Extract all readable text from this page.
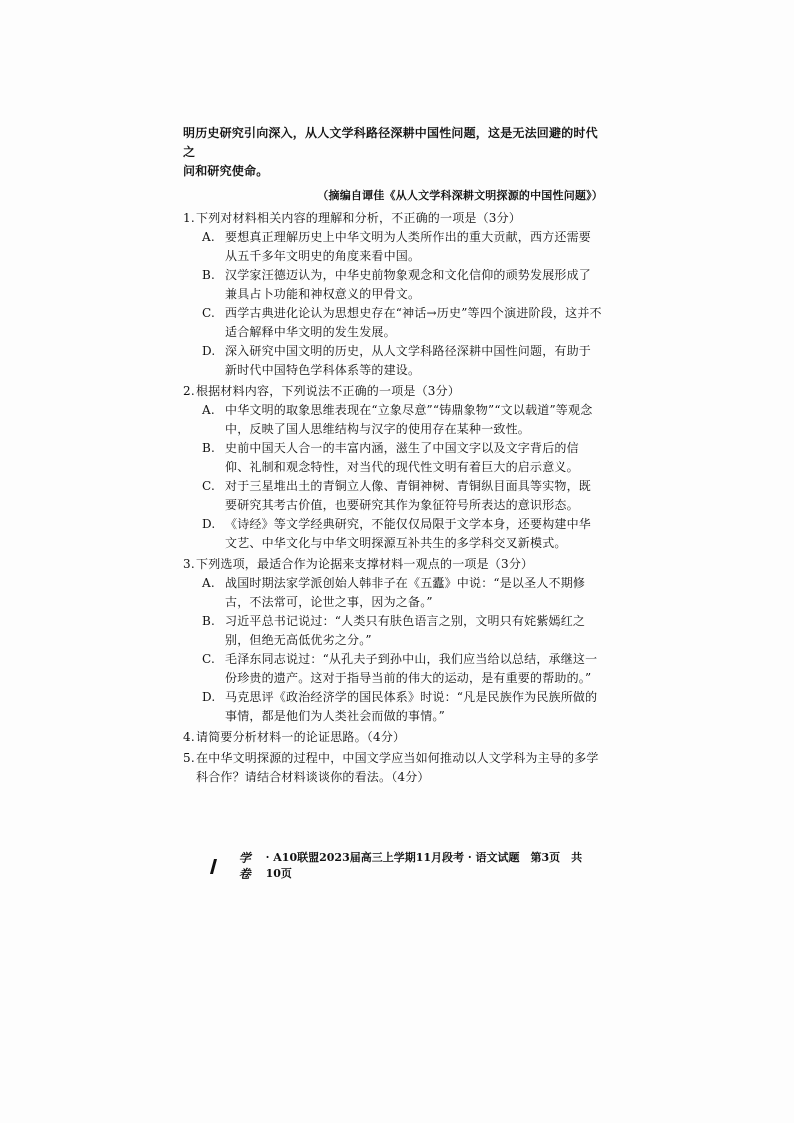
明历史研究引向深入，从人文学科路径深耕中国性问题，这是无法回避的时代之
问和研究使命。
（摘编自谭佳《从人文学科深耕文明探源的中国性问题》）
1. 下列对材料相关内容的理解和分析，不正确的一项是（3分）
A. 要想真正理解历史上中华文明为人类所作出的重大贡献，西方还需要从五千多年文明史的角度来看中国。
B. 汉学家汪德迈认为，中华史前物象观念和文化信仰的顽势发展形成了兼具占卜功能和神权意义的甲骨文。
C. 西学古典进化论认为思想史存在“神话→历史”等四个演进阶段，这并不适合解释中华文明的发生发展。
D. 深入研究中国文明的历史，从人文学科路径深耕中国性问题，有助于新时代中国特色学科体系等的建设。
2. 根据材料内容，下列说法不正确的一项是（3分）
A. 中华文明的取象思维表现在“立象尽意”“铸鼎象物”“文以载道”等观念中，反映了国人思维结构与汉字的使用存在某种一致性。
B. 史前中国天人合一的丰富内涵，滋生了中国文字以及文字背后的信仰、礼制和观念特性，对当代的现代性文明有着巨大的启示意义。
C. 对于三星堆出土的青铜立人像、青铜神树、青铜纵目面具等实物，既要研究其考古价值，也要研究其作为象征符号所表达的意识形态。
D. 《诗经》等文学经典研究，不能仅仅局限于文学本身，还要构建中华文艺、中华文化与中华文明探源互补共生的多学科交叉新模式。
3. 下列选项，最适合作为论据来支撑材料一观点的一项是（3分）
A. 战国时期法家学派创始人韩非子在《五蠹》中说：“是以圣人不期修古，不法常可，论世之事，因为之备。”
B. 习近平总书记说过：“人类只有肤色语言之别，文明只有姹紫嫣红之别，但绝无高低优劣之分。”
C. 毛泽东同志说过：“从孔夫子到孙中山，我们应当给以总结，承继这一份珍贵的遗产。这对于指导当前的伟大的运动，是有重要的帮助的。”
D. 马克思评《政治经济学的国民体系》时说：“凡是民族作为民族所做的事情，都是他们为人类社会而做的事情。”
4. 请简要分析材料一的论证思路。（4分）
5. 在中华文明探源的过程中，中国文学应当如何推动以人文学科为主导的多学科合作？请结合材料谈谈你的看法。（4分）
学卷
· A10联盟2023届高三上学期11月段考 · 语文试题　第3页　共10页
